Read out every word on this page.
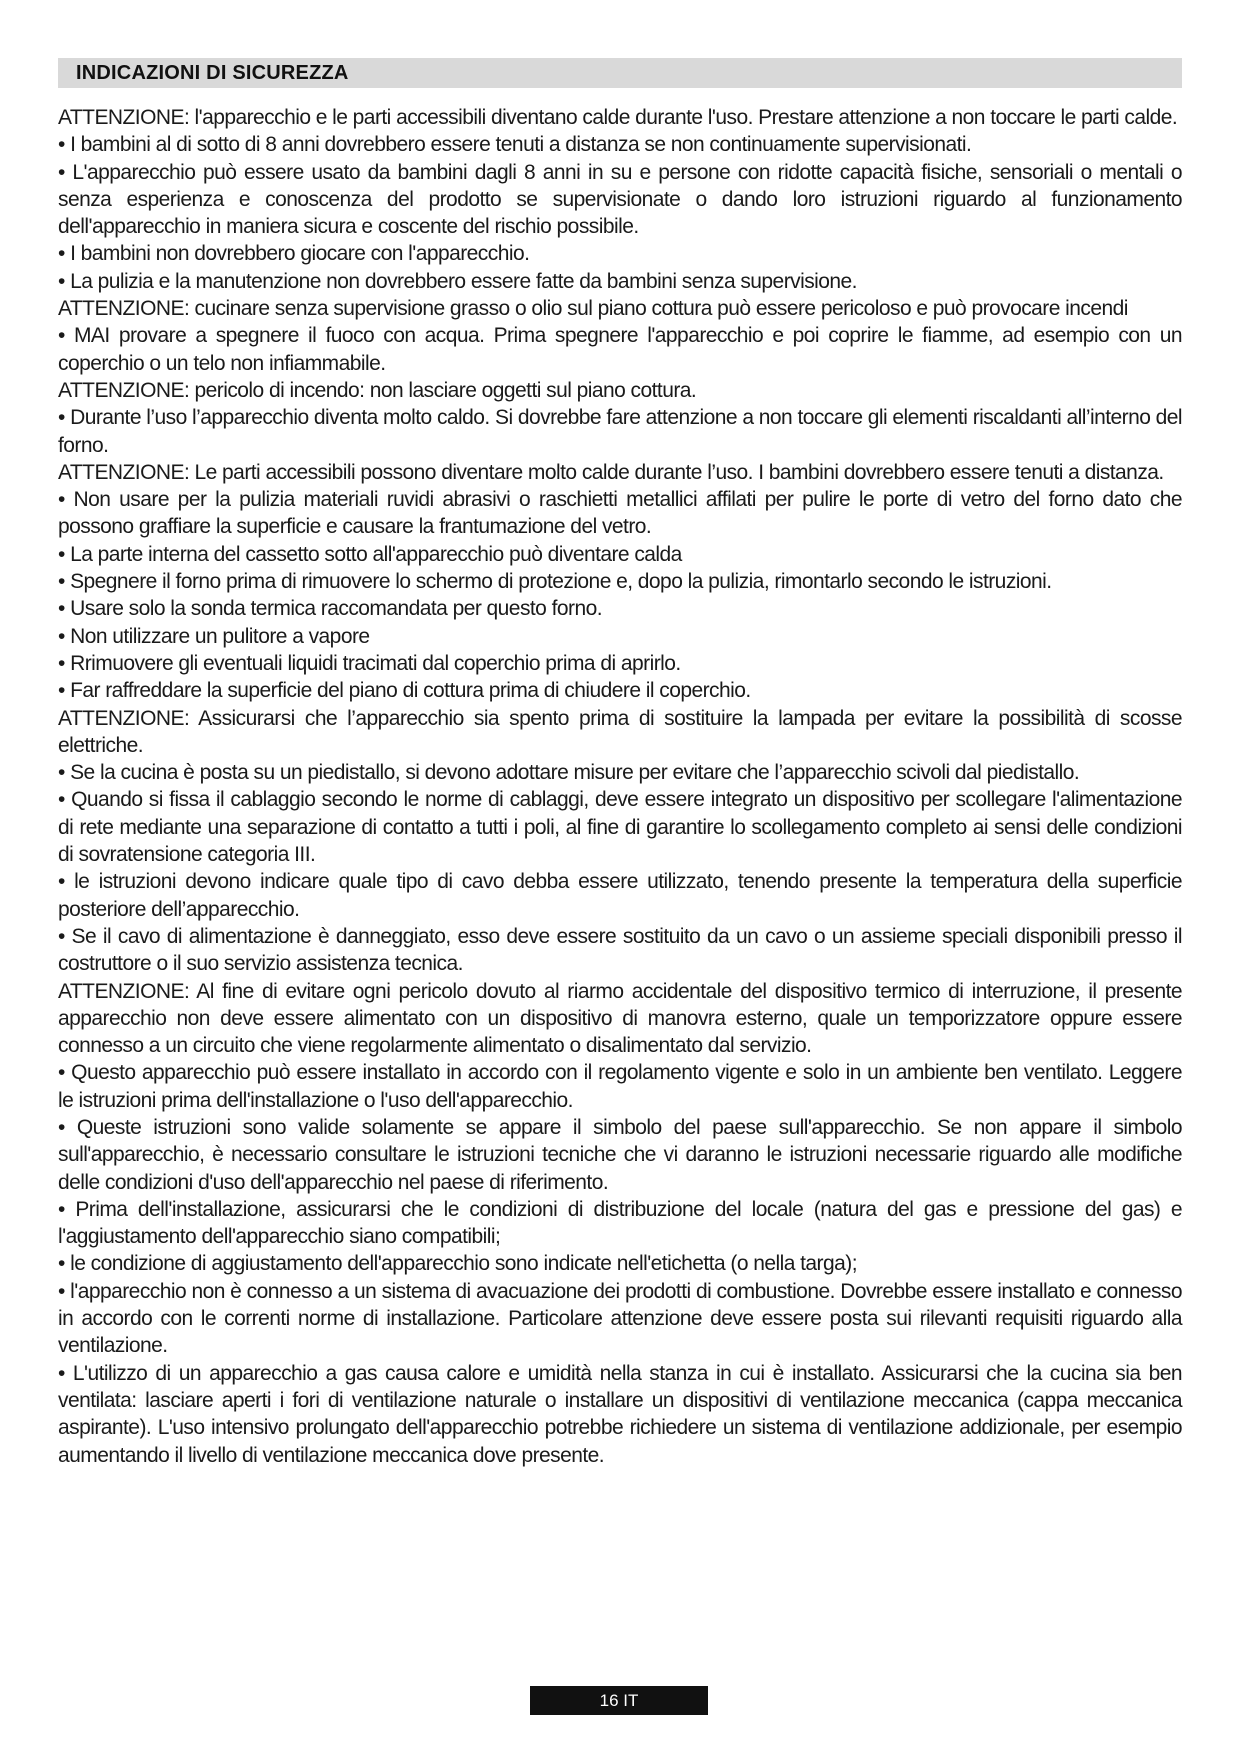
INDICAZIONI DI SICUREZZA

ATTENZIONE: l'apparecchio e le parti accessibili diventano calde durante l'uso. Prestare attenzione a non toccare le parti calde.

• I bambini al di sotto di 8 anni dovrebbero essere tenuti a distanza se non continuamente supervisionati.

• L'apparecchio può essere usato da bambini dagli 8 anni in su e persone con ridotte capacità fisiche, sensoriali o mentali o senza esperienza e conoscenza del prodotto se supervisionate o dando loro istruzioni riguardo al funzionamento dell'apparecchio in maniera sicura e coscente del rischio possibile.

• I bambini non dovrebbero giocare con l'apparecchio.

• La pulizia e la manutenzione non dovrebbero essere fatte da bambini senza supervisione.

ATTENZIONE: cucinare senza supervisione grasso o olio sul piano cottura può essere pericoloso e può provocare incendi

• MAI provare a spegnere il fuoco con acqua. Prima spegnere l'apparecchio e poi coprire le fiamme, ad esempio con un coperchio o un telo non infiammabile.

ATTENZIONE: pericolo di incendo: non lasciare oggetti sul piano cottura.

• Durante l’uso l’apparecchio diventa molto caldo. Si dovrebbe fare attenzione a non toccare gli elementi riscaldanti all’interno del forno.

ATTENZIONE: Le parti accessibili possono diventare molto calde durante l’uso. I bambini dovrebbero essere tenuti a distanza.

• Non usare per la pulizia materiali ruvidi abrasivi o raschietti metallici affilati per pulire le porte di vetro del forno dato che possono graffiare la superficie e causare la frantumazione del vetro.

• La parte interna del cassetto sotto all'apparecchio può diventare calda

• Spegnere il forno prima di rimuovere lo schermo di protezione e, dopo la pulizia, rimontarlo secondo le istruzioni.

• Usare solo la sonda termica raccomandata per questo forno.

• Non utilizzare un pulitore a vapore

• Rrimuovere gli eventuali liquidi tracimati dal coperchio prima di aprirlo.

• Far raffreddare la superficie del piano di cottura prima di chiudere il coperchio.

ATTENZIONE: Assicurarsi che l’apparecchio sia spento prima di sostituire la lampada per evitare la possibilità di scosse elettriche.

• Se la cucina è posta su un piedistallo, si devono adottare misure per evitare che l’apparecchio scivoli dal piedistallo.

• Quando si fissa il cablaggio secondo le norme di cablaggi, deve essere integrato un dispositivo per scollegare l'alimentazione di rete mediante una separazione di contatto a tutti i poli, al fine di garantire lo scollegamento completo ai sensi delle condizioni di sovratensione categoria III.

• le istruzioni devono indicare quale tipo di cavo debba essere utilizzato, tenendo presente la temperatura della superficie posteriore dell’apparecchio.

• Se il cavo di alimentazione è danneggiato, esso deve essere sostituito da un cavo o un assieme speciali disponibili presso il costruttore o il suo servizio assistenza tecnica.

ATTENZIONE: Al fine di evitare ogni pericolo dovuto al riarmo accidentale del dispositivo termico di interruzione, il presente apparecchio non deve essere alimentato con un dispositivo di manovra esterno, quale un temporizzatore oppure essere connesso a un circuito che viene regolarmente alimentato o disalimentato dal servizio.

• Questo apparecchio può essere installato in accordo con il regolamento vigente e solo in un ambiente ben ventilato. Leggere le istruzioni prima dell'installazione o l'uso dell'apparecchio.

• Queste istruzioni sono valide solamente se appare il simbolo del paese sull'apparecchio. Se non appare il simbolo sull'apparecchio, è necessario consultare le istruzioni tecniche che vi daranno le istruzioni necessarie riguardo alle modifiche delle condizioni d'uso dell'apparecchio nel paese di riferimento.

• Prima dell'installazione, assicurarsi che le condizioni di distribuzione del locale (natura del gas e pressione del gas) e l'aggiustamento dell'apparecchio siano compatibili;

• le condizione di aggiustamento dell'apparecchio sono indicate nell'etichetta (o nella targa);

• l'apparecchio non è connesso a un sistema di avacuazione dei prodotti di combustione. Dovrebbe essere installato e connesso in accordo con le correnti norme di installazione. Particolare attenzione deve essere posta sui rilevanti requisiti riguardo alla ventilazione.

• L'utilizzo di un apparecchio a gas causa calore e umidità nella stanza in cui è installato. Assicurarsi che la cucina sia ben ventilata: lasciare aperti i fori di ventilazione naturale o installare un dispositivi di ventilazione meccanica (cappa meccanica aspirante). L'uso intensivo prolungato dell'apparecchio potrebbe richiedere un sistema di ventilazione addizionale, per esempio aumentando il livello di ventilazione meccanica dove presente.

16 IT
